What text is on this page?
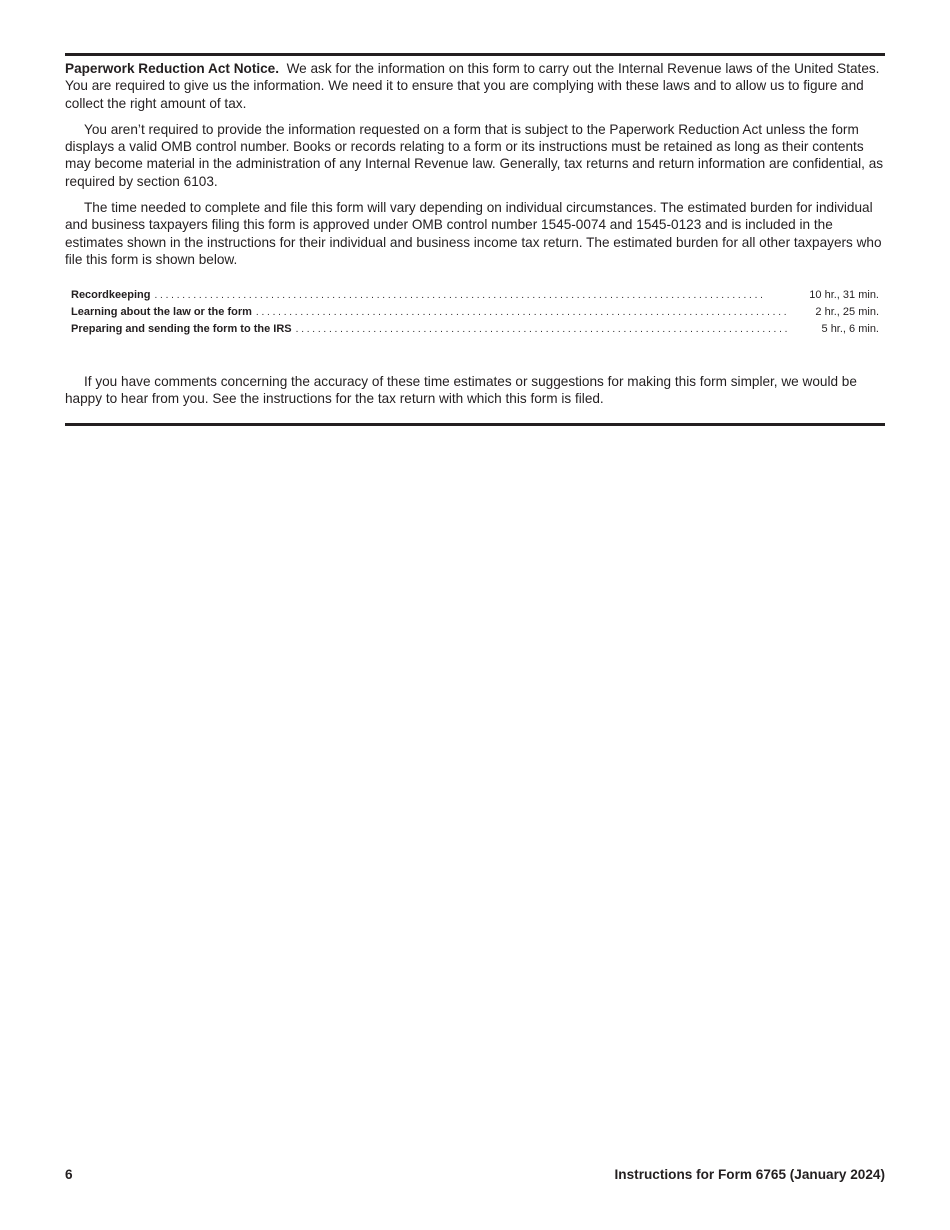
Paperwork Reduction Act Notice. We ask for the information on this form to carry out the Internal Revenue laws of the United States. You are required to give us the information. We need it to ensure that you are complying with these laws and to allow us to figure and collect the right amount of tax.

You aren’t required to provide the information requested on a form that is subject to the Paperwork Reduction Act unless the form displays a valid OMB control number. Books or records relating to a form or its instructions must be retained as long as their contents may become material in the administration of any Internal Revenue law. Generally, tax returns and return information are confidential, as required by section 6103.

The time needed to complete and file this form will vary depending on individual circumstances. The estimated burden for individual and business taxpayers filing this form is approved under OMB control number 1545-0074 and 1545-0123 and is included in the estimates shown in the instructions for their individual and business income tax return. The estimated burden for all other taxpayers who file this form is shown below.

Recordkeeping . . .	10 hr., 31 min.
Learning about the law or the form . . .	2 hr., 25 min.
Preparing and sending the form to the IRS . . .	5 hr., 6 min.

If you have comments concerning the accuracy of these time estimates or suggestions for making this form simpler, we would be happy to hear from you. See the instructions for the tax return with which this form is filed.

6	Instructions for Form 6765 (January 2024)
